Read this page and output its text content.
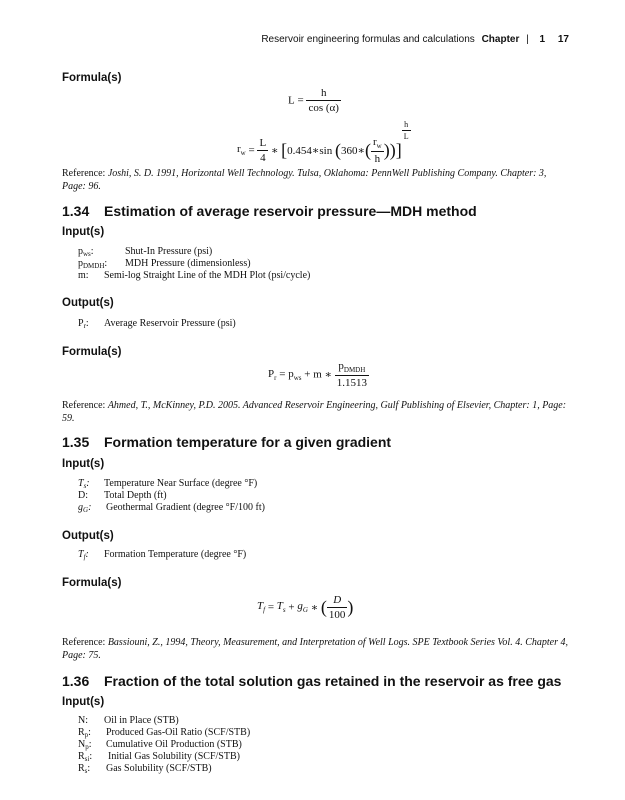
Reservoir engineering formulas and calculations Chapter | 1 17
Formula(s)
$L = \frac{h}{\cos (\alpha)}$
$r_w = \frac{L}{4}$ ∗ [0.454∗sin (360∗( $\frac{r_w}{h}$ ))]
$\frac{h}{L}$
Reference: Joshi, S. D. 1991, Horizontal Well Technology. Tulsa, Oklahoma: PennWell Publishing Company. Chapter: 3, Page: 96.
1.34 Estimation of average reservoir pressure—MDH method
Input(s)
$p_{ws}$:	Shut-In Pressure (psi)
$p_{DMDH}$: MDH Pressure (dimensionless)
m: Semi-log Straight Line of the MDH Plot (psi/cycle)
Output(s)
$P_r$: Average Reservoir Pressure (psi)
Formula(s)
$P_r = p_{ws} + m$ ∗ $\frac{p_{DMDH}}{1.1513}$
Reference: Ahmed, T., McKinney, P.D. 2005. Advanced Reservoir Engineering, Gulf Publishing of Elsevier, Chapter: 1, Page: 59.
1.35 Formation temperature for a given gradient
Input(s)
$T_s$: Temperature Near Surface (degree °F)
D: Total Depth (ft)
$g_G$: Geothermal Gradient (degree °F/100 ft)
Output(s)
$T_f$: Formation Temperature (degree °F)
Formula(s)
$T_f = T_s + g_G$ ∗ ( $\frac{D}{100}$ )
Reference: Bassiouni, Z., 1994, Theory, Measurement, and Interpretation of Well Logs. SPE Textbook Series Vol. 4. Chapter 4, Page: 75.
1.36 Fraction of the total solution gas retained in the reservoir as free gas
Input(s)
N: Oil in Place (STB)
$R_p$: Produced Gas-Oil Ratio (SCF/STB)
$N_p$: Cumulative Oil Production (STB)
$R_{si}$: Initial Gas Solubility (SCF/STB)
$R_s$: Gas Solubility (SCF/STB)
